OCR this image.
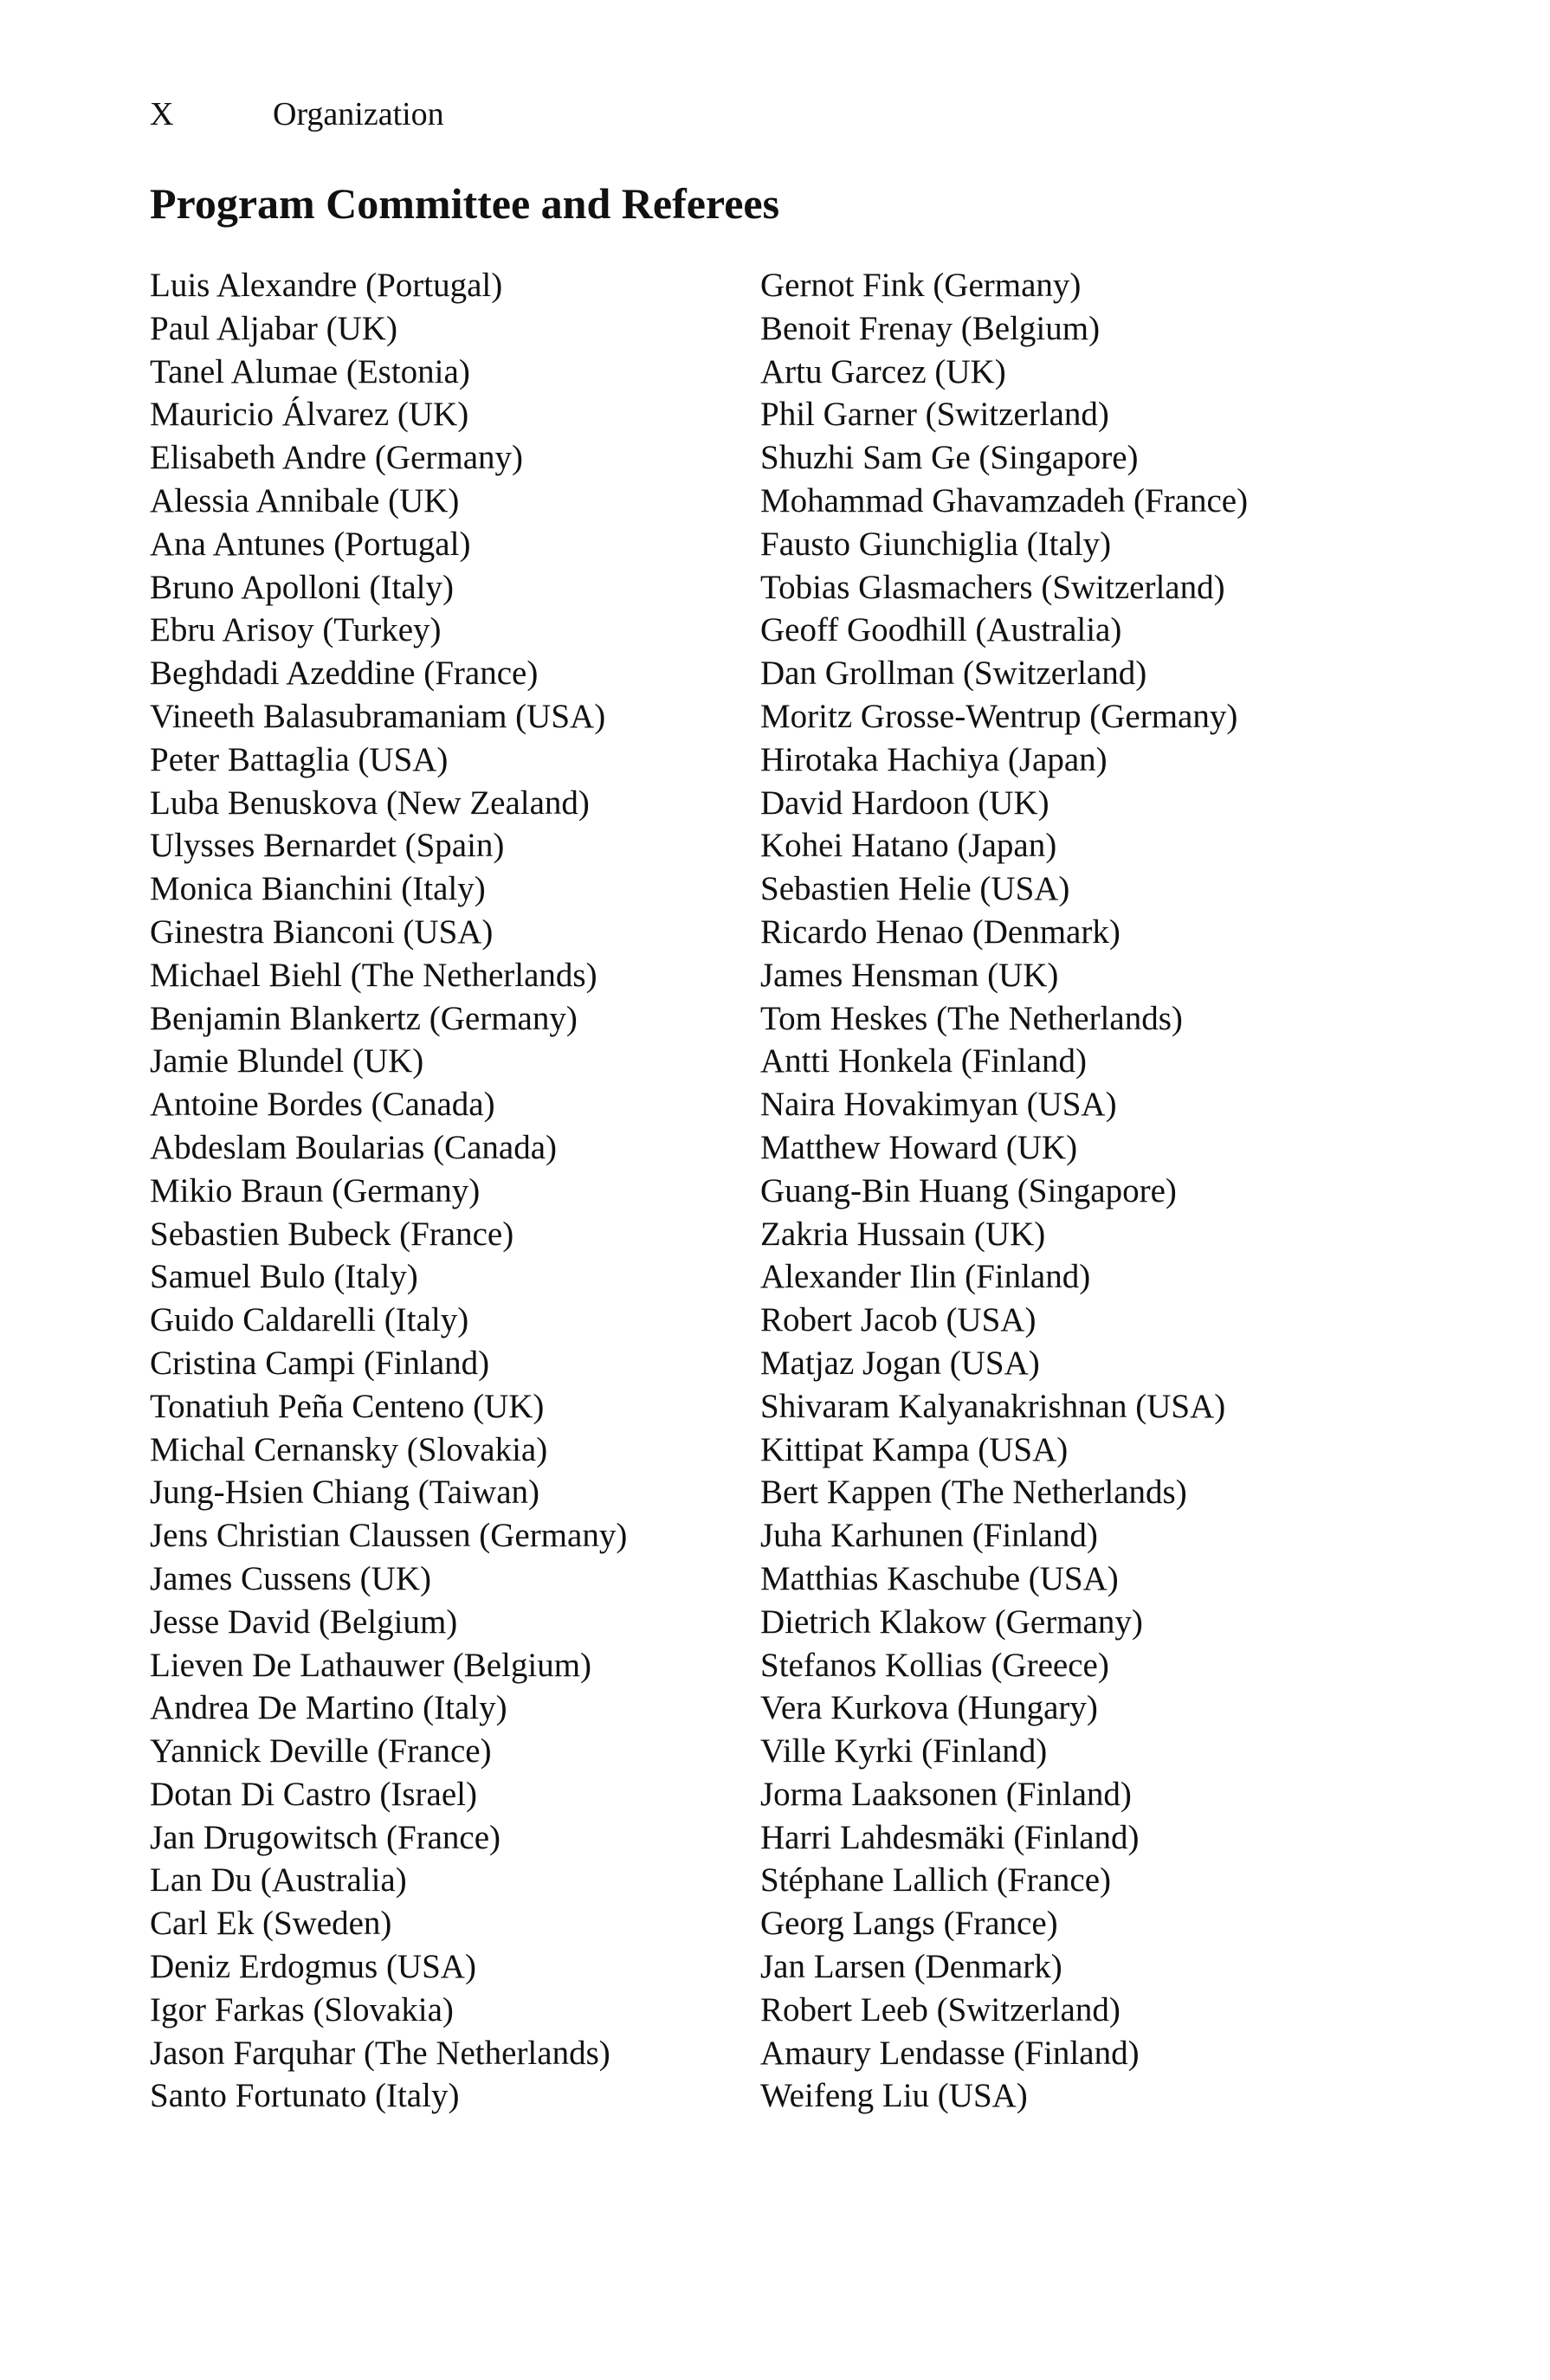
X	Organization
Program Committee and Referees
Luis Alexandre (Portugal)
Paul Aljabar (UK)
Tanel Alumae (Estonia)
Mauricio Álvarez (UK)
Elisabeth Andre (Germany)
Alessia Annibale (UK)
Ana Antunes (Portugal)
Bruno Apolloni (Italy)
Ebru Arisoy (Turkey)
Beghdadi Azeddine (France)
Vineeth Balasubramaniam (USA)
Peter Battaglia (USA)
Luba Benuskova (New Zealand)
Ulysses Bernardet (Spain)
Monica Bianchini (Italy)
Ginestra Bianconi (USA)
Michael Biehl (The Netherlands)
Benjamin Blankertz (Germany)
Jamie Blundel (UK)
Antoine Bordes (Canada)
Abdeslam Boularias (Canada)
Mikio Braun (Germany)
Sebastien Bubeck (France)
Samuel Bulo (Italy)
Guido Caldarelli (Italy)
Cristina Campi (Finland)
Tonatiuh Peña Centeno (UK)
Michal Cernansky (Slovakia)
Jung-Hsien Chiang (Taiwan)
Jens Christian Claussen (Germany)
James Cussens (UK)
Jesse David (Belgium)
Lieven De Lathauwer (Belgium)
Andrea De Martino (Italy)
Yannick Deville (France)
Dotan Di Castro (Israel)
Jan Drugowitsch (France)
Lan Du (Australia)
Carl Ek (Sweden)
Deniz Erdogmus (USA)
Igor Farkas (Slovakia)
Jason Farquhar (The Netherlands)
Santo Fortunato (Italy)
Gernot Fink (Germany)
Benoit Frenay (Belgium)
Artu Garcez (UK)
Phil Garner (Switzerland)
Shuzhi Sam Ge (Singapore)
Mohammad Ghavamzadeh (France)
Fausto Giunchiglia (Italy)
Tobias Glasmachers (Switzerland)
Geoff Goodhill (Australia)
Dan Grollman (Switzerland)
Moritz Grosse-Wentrup (Germany)
Hirotaka Hachiya (Japan)
David Hardoon (UK)
Kohei Hatano (Japan)
Sebastien Helie (USA)
Ricardo Henao (Denmark)
James Hensman (UK)
Tom Heskes (The Netherlands)
Antti Honkela (Finland)
Naira Hovakimyan (USA)
Matthew Howard (UK)
Guang-Bin Huang (Singapore)
Zakria Hussain (UK)
Alexander Ilin (Finland)
Robert Jacob (USA)
Matjaz Jogan (USA)
Shivaram Kalyanakrishnan (USA)
Kittipat Kampa (USA)
Bert Kappen (The Netherlands)
Juha Karhunen (Finland)
Matthias Kaschube (USA)
Dietrich Klakow (Germany)
Stefanos Kollias (Greece)
Vera Kurkova (Hungary)
Ville Kyrki (Finland)
Jorma Laaksonen (Finland)
Harri Lahdesmäki (Finland)
Stéphane Lallich (France)
Georg Langs (France)
Jan Larsen (Denmark)
Robert Leeb (Switzerland)
Amaury Lendasse (Finland)
Weifeng Liu (USA)
